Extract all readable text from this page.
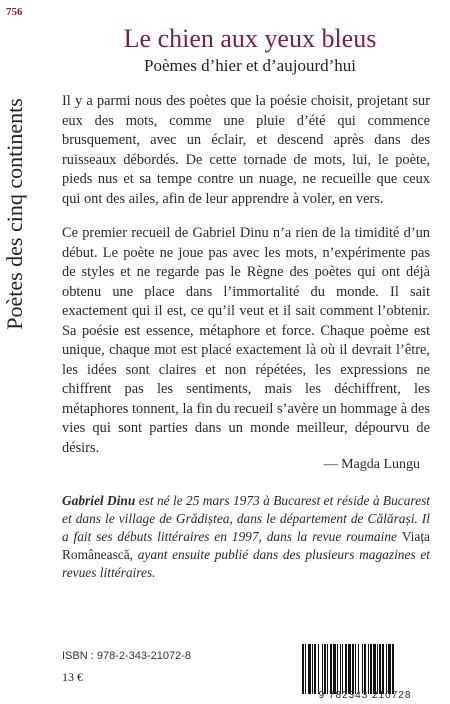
756
Poètes des cinq continents
Le chien aux yeux bleus
Poèmes d’hier et d’aujourd’hui

Il y a parmi nous des poètes que la poésie choisit, projetant sur eux des mots, comme une pluie d’été qui commence brusquement, avec un éclair, et descend après dans des ruisseaux débordés. De cette tornade de mots, lui, le poète, pieds nus et sa tempe contre un nuage, ne recueille que ceux qui ont des ailes, afin de leur apprendre à voler, en vers.

Ce premier recueil de Gabriel Dinu n’a rien de la timidité d’un début. Le poète ne joue pas avec les mots, n’expérimente pas de styles et ne regarde pas le Règne des poètes qui ont déjà obtenu une place dans l’immortalité du monde. Il sait exactement qui il est, ce qu’il veut et il sait comment l’obtenir. Sa poésie est essence, métaphore et force. Chaque poème est unique, chaque mot est placé exactement là où il devrait l’être, les idées sont claires et non répétées, les expressions ne chiffrent pas les sentiments, mais les déchiffrent, les métaphores tonnent, la fin du recueil s’avère un hommage à des vies qui sont parties dans un monde meilleur, dépourvu de désirs.

— Magda Lungu
Gabriel Dinu est né le 25 mars 1973 à Bucarest et réside à Bucarest et dans le village de Grădiștea, dans le département de Călărași. Il a fait ses débuts littéraires en 1997, dans la revue roumaine Viața Românească, ayant ensuite publié dans des plusieurs magazines et revues littéraires.
ISBN : 978-2-343-21072-8
13 €
9 782343 210728
